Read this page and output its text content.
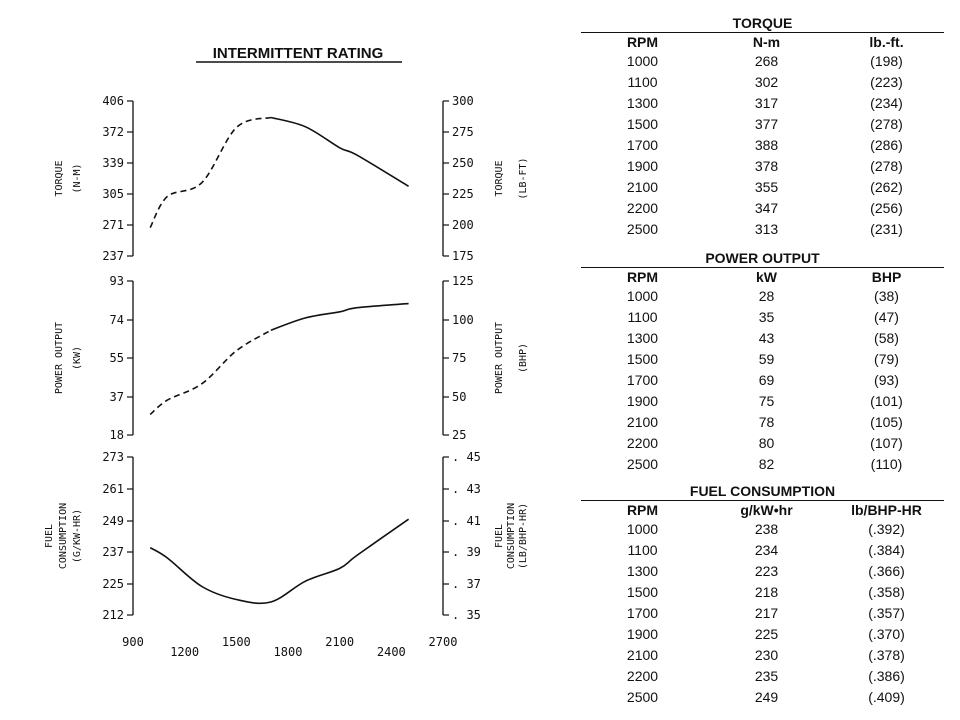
INTERMITTENT RATING
406	300
372	275
339	250
305	225
271	200
237	175
TORQUE (N-M)	TORQUE (LB-FT)
93	125
74	100
55	75
37	50
18	25
POWER OUTPUT (KW)	POWER OUTPUT (BHP)
273	. 45
261	. 43
249	. 41
237	. 39
225	. 37
212	. 35
FUEL CONSUMPTION (G/KW-HR)	FUEL CONSUMPTION (LB/BHP-HR)
900	1500	2100	2700
1200	1800	2400
TORQUE
RPM	N-m	lb.-ft.
1000	268	(198)
1100	302	(223)
1300	317	(234)
1500	377	(278)
1700	388	(286)
1900	378	(278)
2100	355	(262)
2200	347	(256)
2500	313	(231)
POWER OUTPUT
RPM	kW	BHP
1000	28	(38)
1100	35	(47)
1300	43	(58)
1500	59	(79)
1700	69	(93)
1900	75	(101)
2100	78	(105)
2200	80	(107)
2500	82	(110)
FUEL CONSUMPTION
RPM	g/kW•hr	lb/BHP-HR
1000	238	(.392)
1100	234	(.384)
1300	223	(.366)
1500	218	(.358)
1700	217	(.357)
1900	225	(.370)
2100	230	(.378)
2200	235	(.386)
2500	249	(.409)
